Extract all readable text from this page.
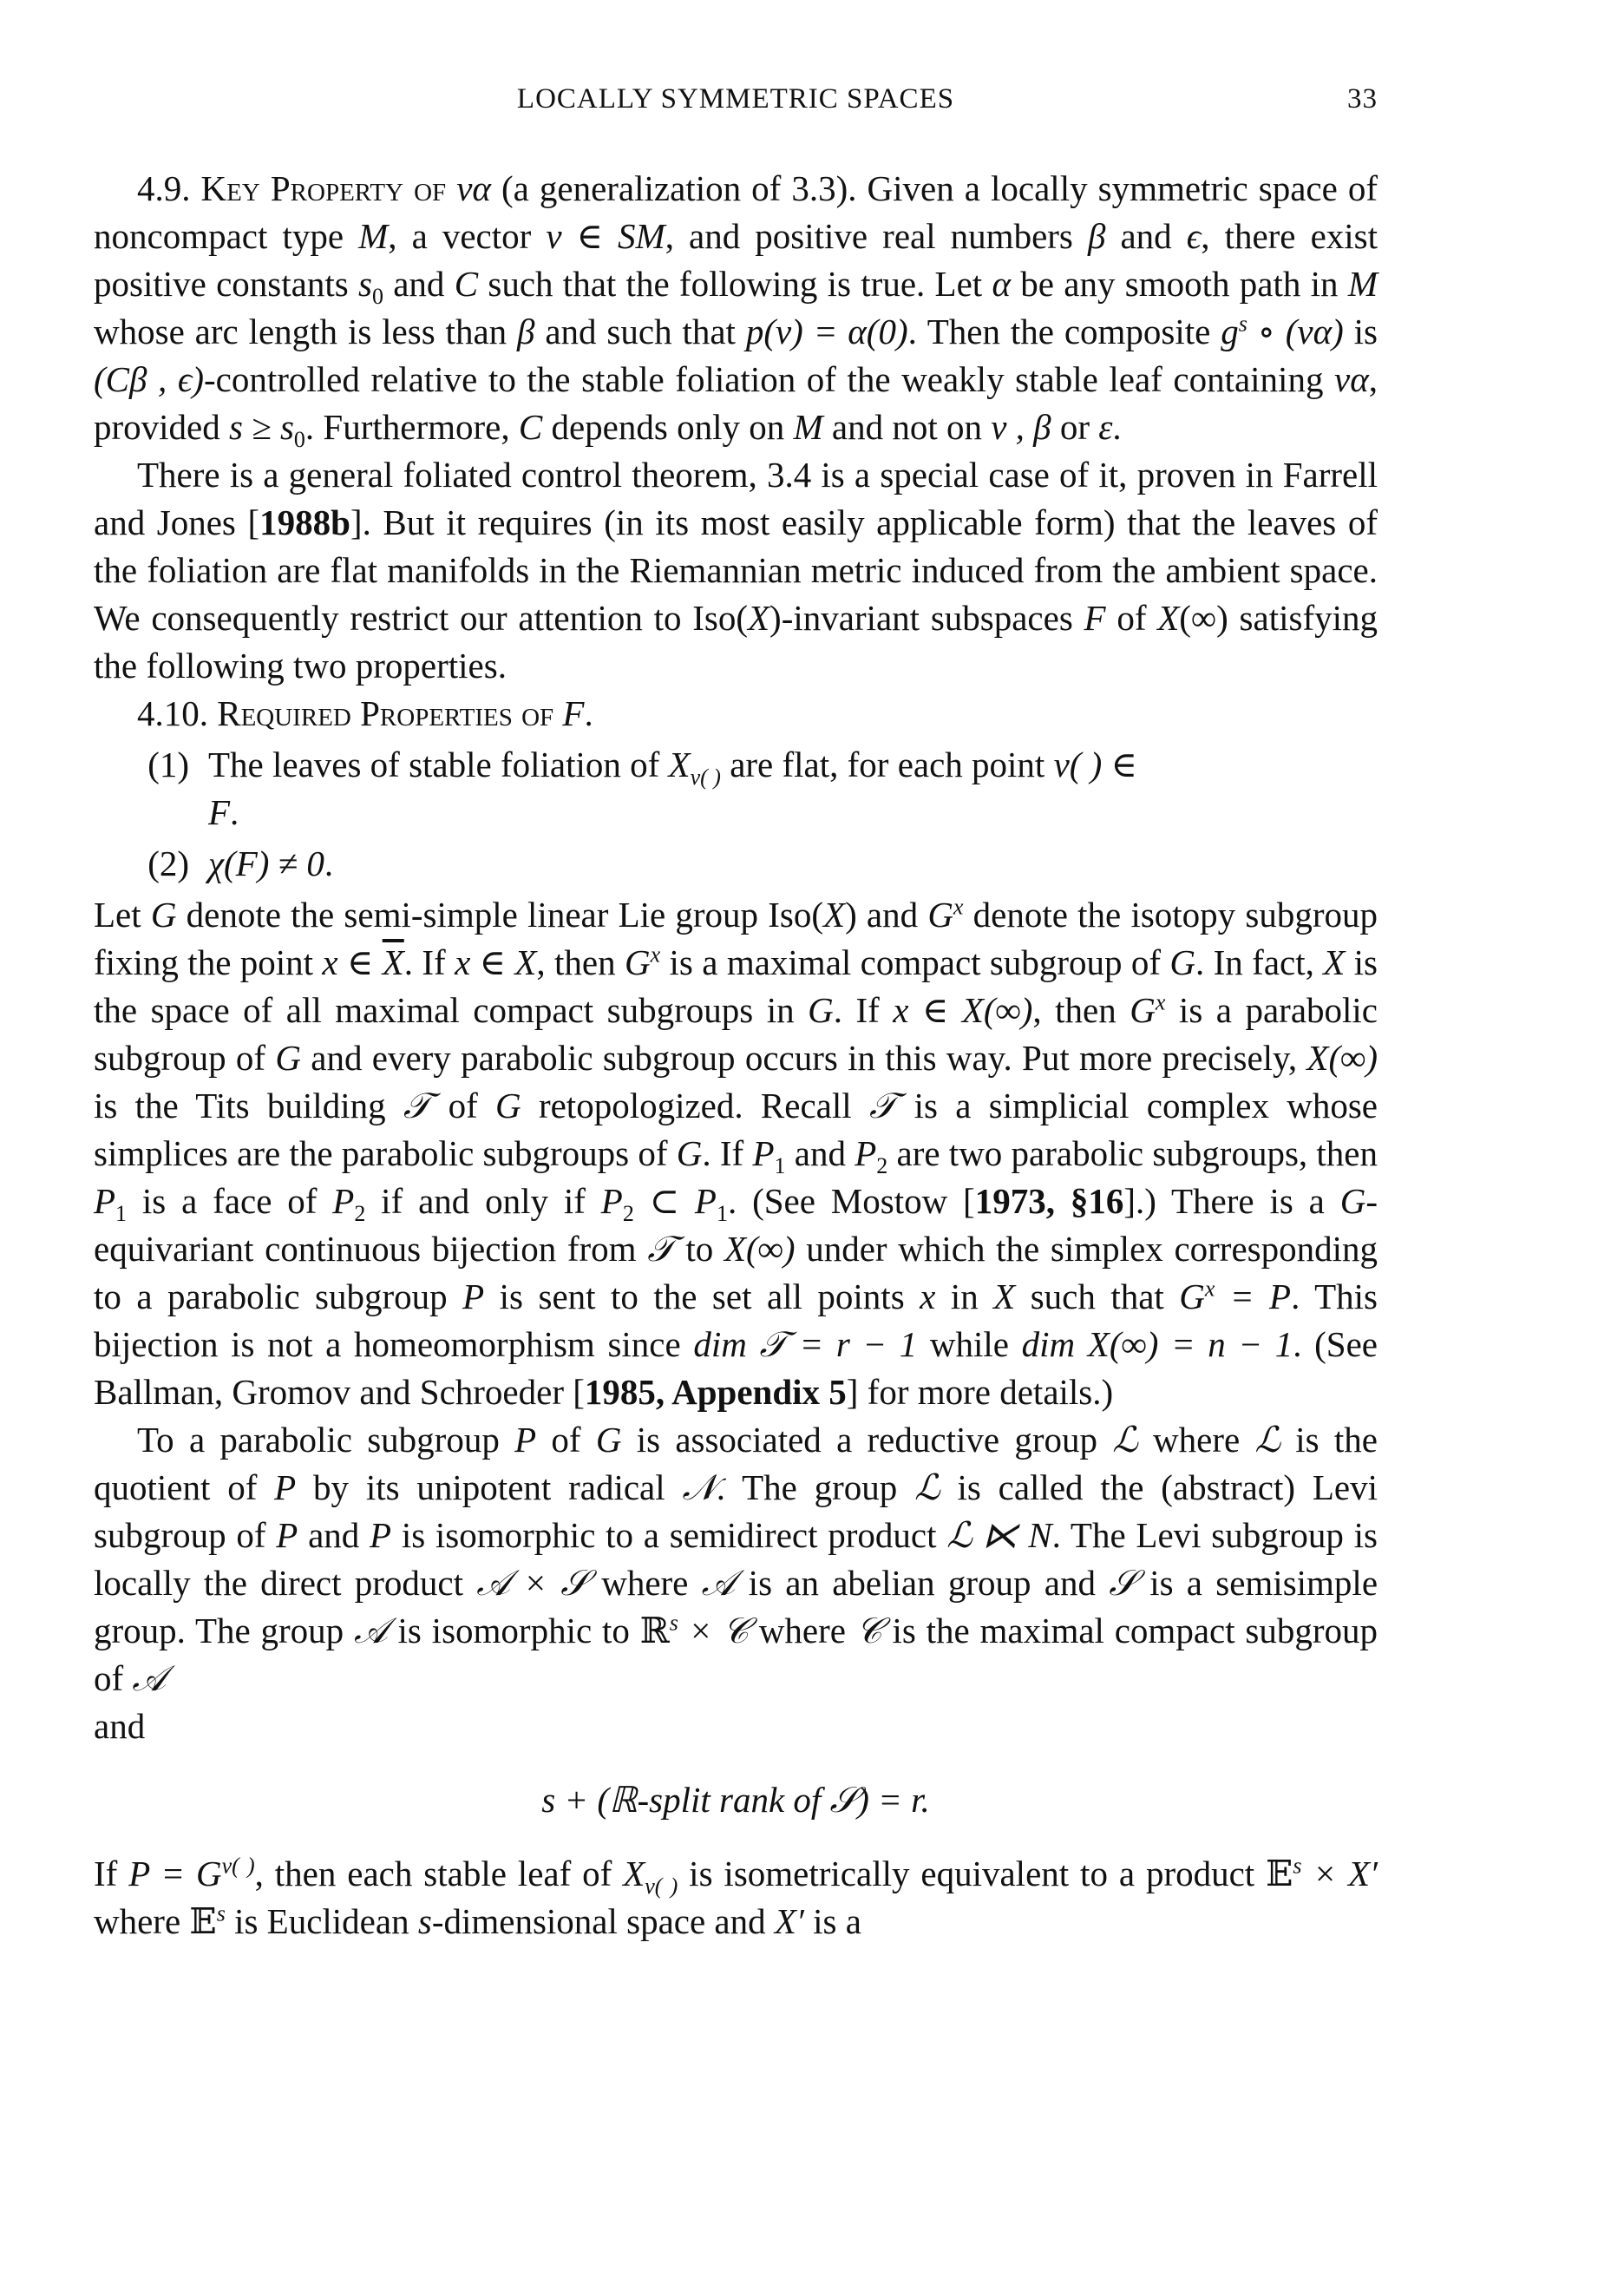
LOCALLY SYMMETRIC SPACES	33

4.9. Key Property of vα (a generalization of 3.3). Given a locally symmetric space of noncompact type M, a vector v ∈ SM, and positive real numbers β and ϵ, there exist positive constants $s_0$ and C such that the following is true. Let α be any smooth path in M whose arc length is less than β and such that p(v) = α(0). Then the composite $g^s$ ∘ (vα) is (Cβ , ϵ)-controlled relative to the stable foliation of the weakly stable leaf containing vα, provided $s \ge s_0$. Furthermore, C depends only on M and not on v , β or ε.

There is a general foliated control theorem, 3.4 is a special case of it, proven in Farrell and Jones [1988b]. But it requires (in its most easily applicable form) that the leaves of the foliation are flat manifolds in the Riemannian metric induced from the ambient space. We consequently restrict our attention to Iso(X)-invariant subspaces F of X(∞) satisfying the following two properties.

4.10. Required Properties of F.

(1) The leaves of stable foliation of $X_{v( )}$ are flat, for each point v( ) ∈
F.
(2) χ(F) ≠ 0.

Let G denote the semi-simple linear Lie group Iso(X) and $G^x$ denote the isotopy subgroup fixing the point x ∈ $\overline{X}$. If x ∈ X, then $G^x$ is a maximal compact subgroup of G. In fact, X is the space of all maximal compact subgroups in G. If x ∈ X(∞), then $G^x$ is a parabolic subgroup of G and every parabolic subgroup occurs in this way. Put more precisely, X(∞) is the Tits building 𝒯 of G retopologized. Recall 𝒯 is a simplicial complex whose simplices are the parabolic subgroups of G. If $P_1$ and $P_2$ are two parabolic subgroups, then $P_1$ is a face of $P_2$ if and only if $P_2$ ⊂ $P_1$. (See Mostow [1973, §16].) There is a G-equivariant continuous bijection from 𝒯 to X(∞) under which the simplex corresponding to a parabolic subgroup P is sent to the set all points x in X such that $G^x = P$. This bijection is not a homeomorphism since dim 𝒯 = r − 1 while dim X(∞) = n − 1. (See Ballman, Gromov and Schroeder [1985, Appendix 5] for more details.)

To a parabolic subgroup P of G is associated a reductive group ℒ where ℒ is the quotient of P by its unipotent radical 𝒩. The group ℒ is called the (abstract) Levi subgroup of P and P is isomorphic to a semidirect product ℒ ⋉ N. The Levi subgroup is locally the direct product 𝒜 × 𝒮 where 𝒜 is an abelian group and 𝒮 is a semisimple group. The group 𝒜 is isomorphic to ℝ$^s$ × 𝒞 where 𝒞 is the maximal compact subgroup of 𝒜
and

s + (ℝ-split rank of 𝒮) = r.

If $P = G^{v( )}$, then each stable leaf of $X_{v( )}$ is isometrically equivalent to a product 𝔼$^s$ × X′ where 𝔼$^s$ is Euclidean s-dimensional space and X′ is a
